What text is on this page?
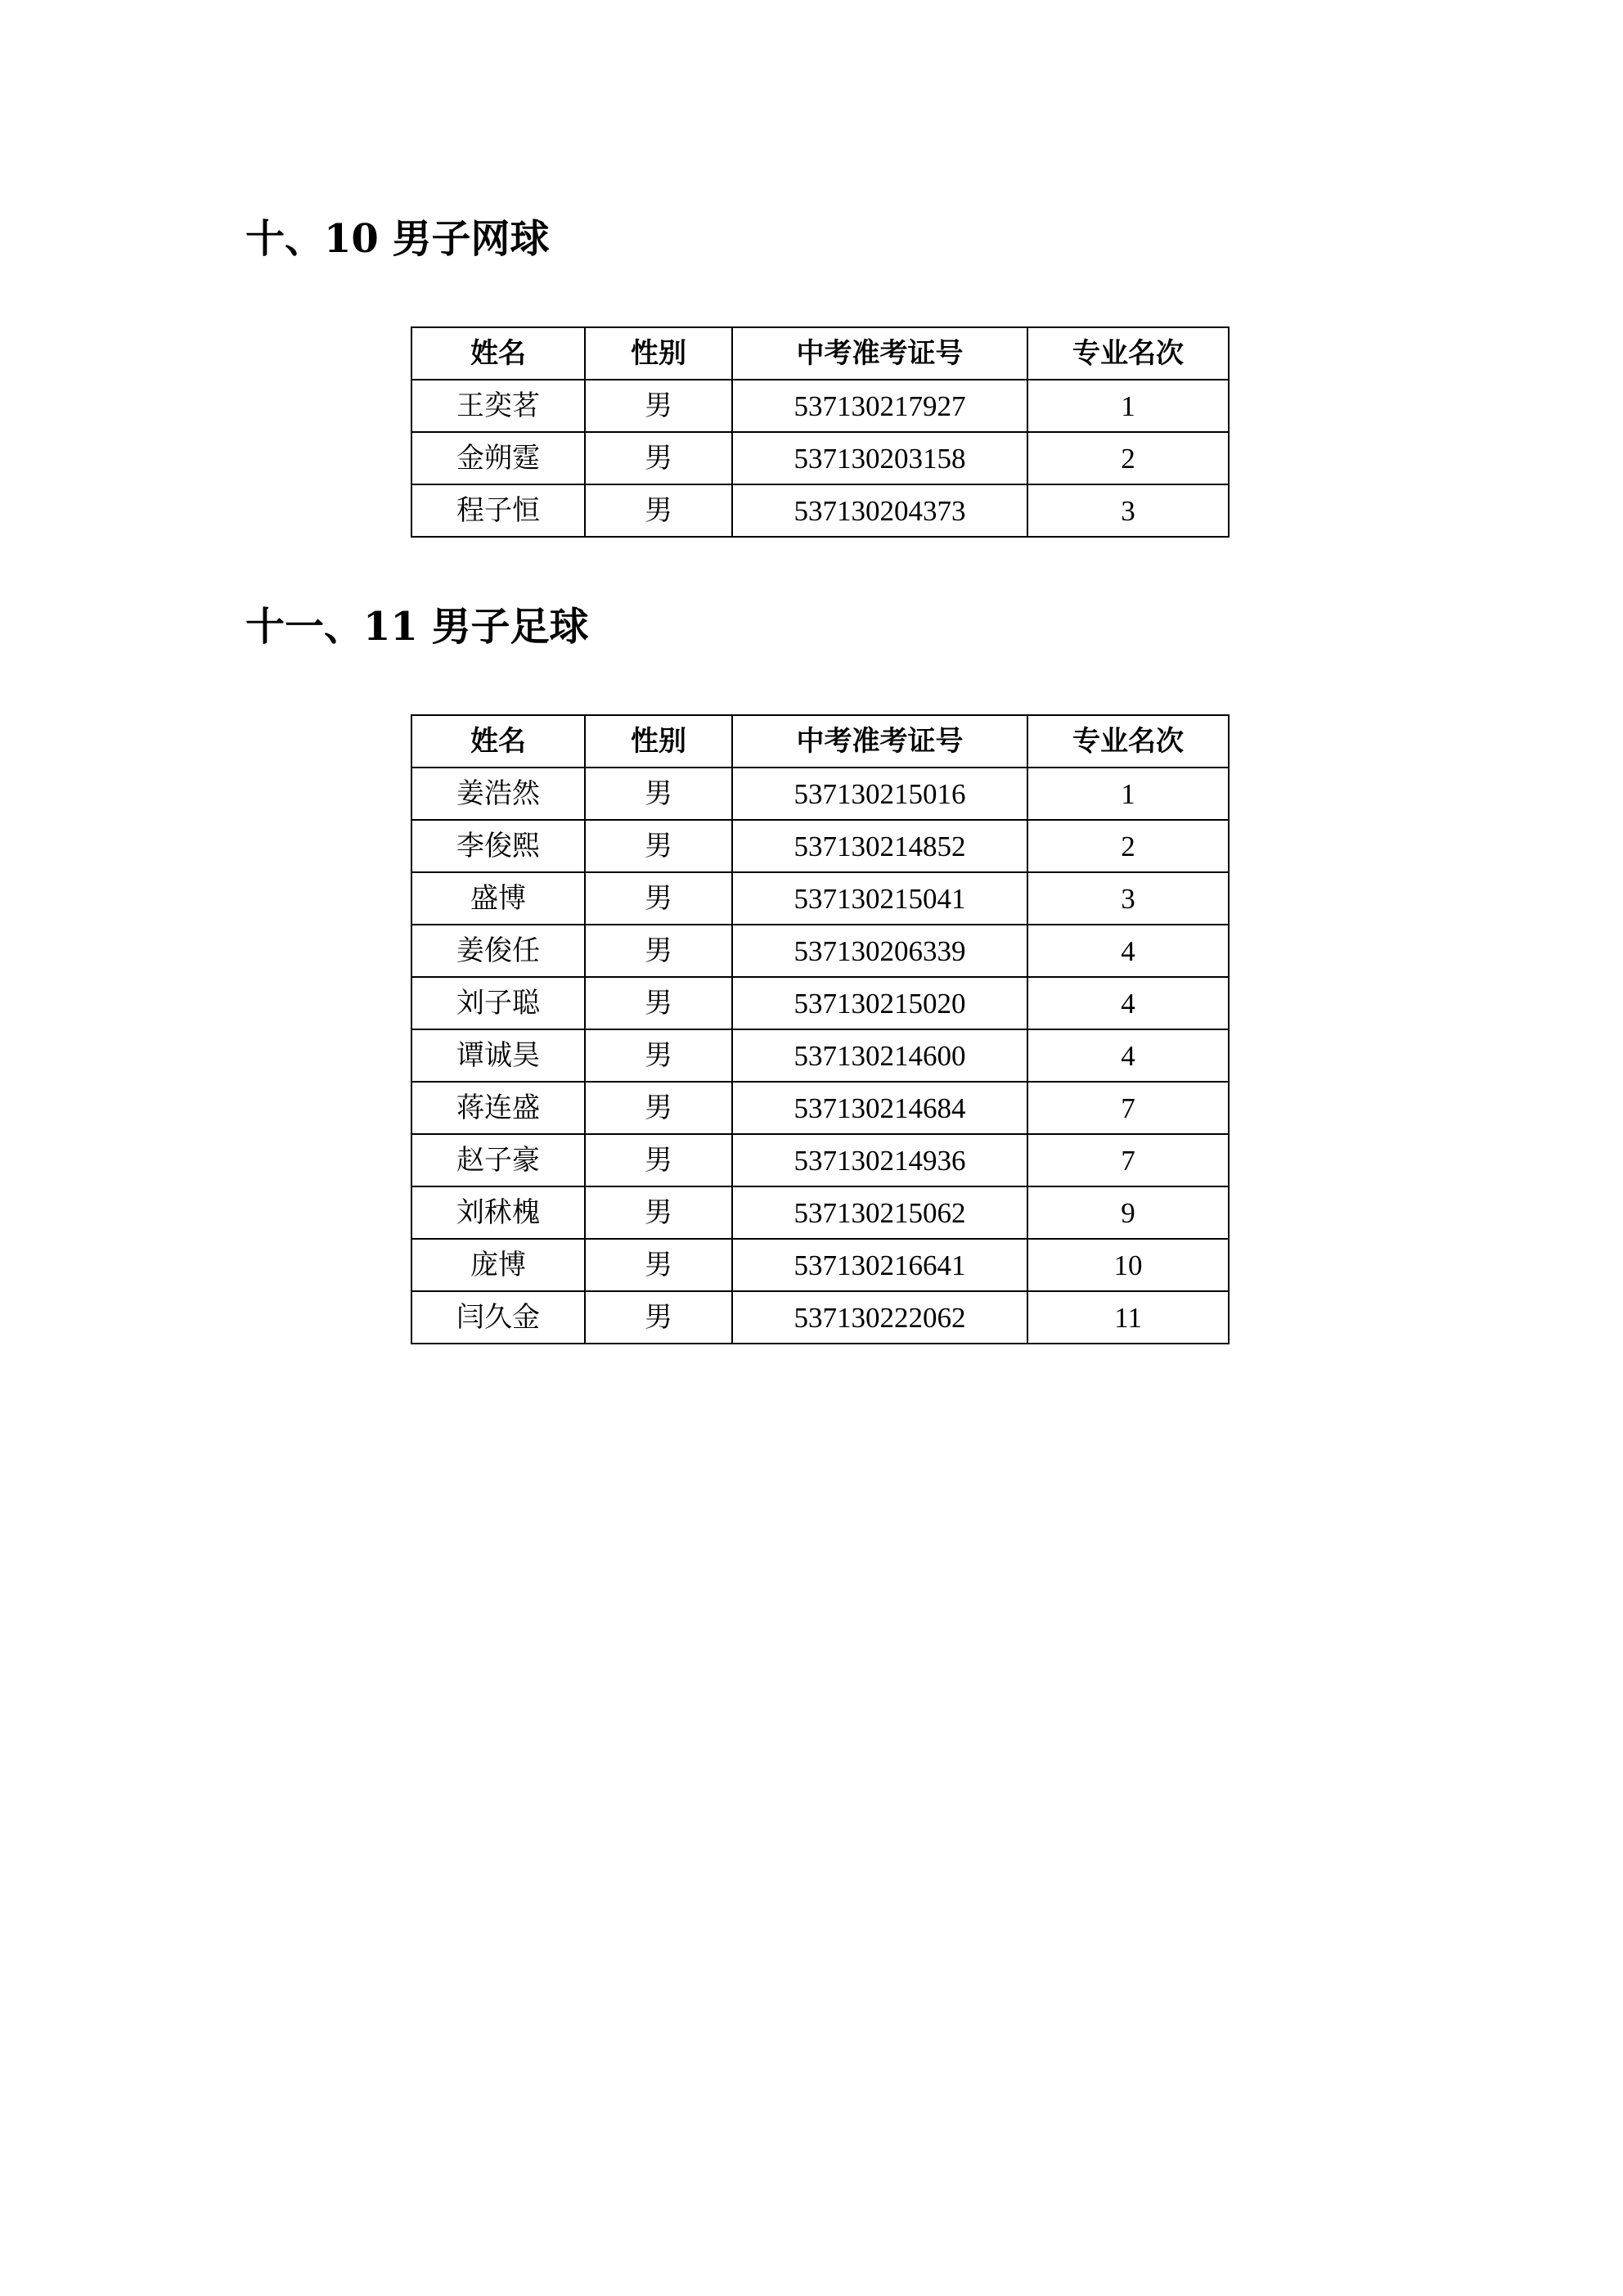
十、10 男子网球
姓名	性别	中考准考证号	专业名次
王奕茗	男	537130217927	1
金朔霆	男	537130203158	2
程子恒	男	537130204373	3
十一、11 男子足球
姓名	性别	中考准考证号	专业名次
姜浩然	男	537130215016	1
李俊熙	男	537130214852	2
盛博	男	537130215041	3
姜俊任	男	537130206339	4
刘子聪	男	537130215020	4
谭诚昊	男	537130214600	4
蒋连盛	男	537130214684	7
赵子豪	男	537130214936	7
刘秫槐	男	537130215062	9
庞博	男	537130216641	10
闫久金	男	537130222062	11
